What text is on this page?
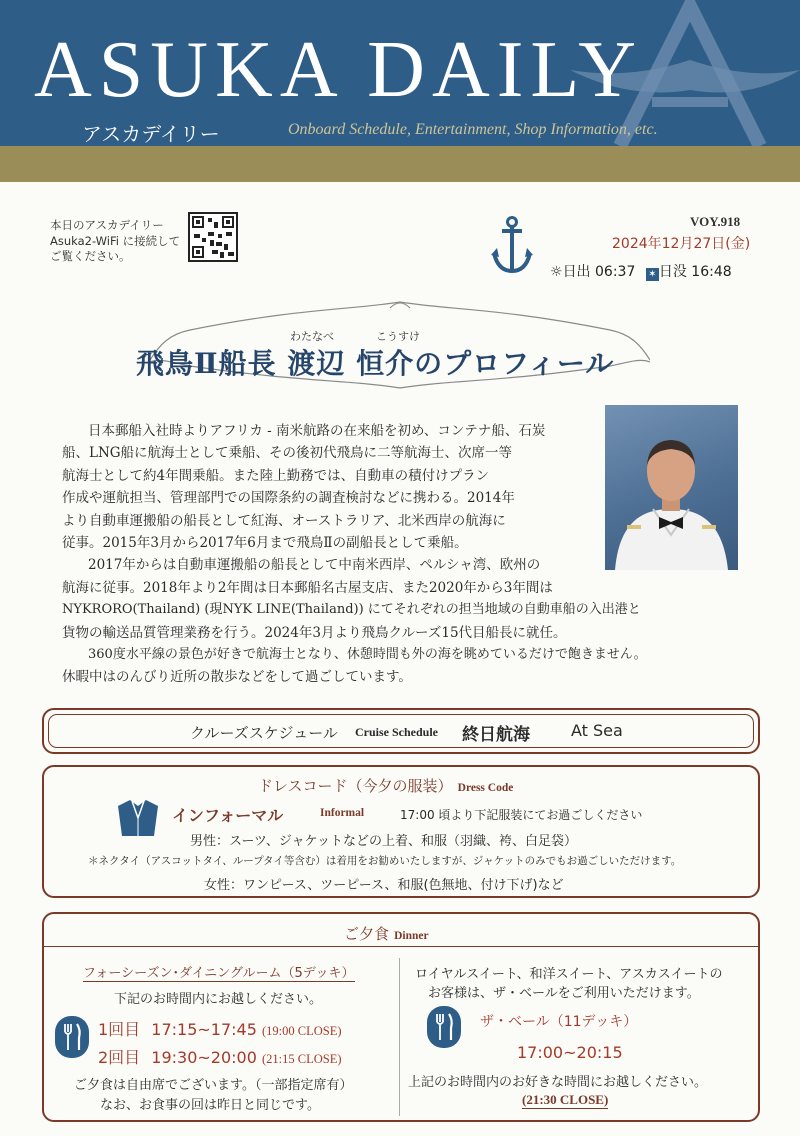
ASUKA DAILY
アスカデイリー	Onboard Schedule, Entertainment, Shop Information, etc.
本日のアスカデイリー
Asuka2-WiFi に接続して
ご覧ください。
VOY.918
2024年12月27日(金)
☼日出 06:37 ✶ 日没 16:48
わたなべ	こうすけ
飛鳥Ⅱ船長 渡辺 恒介のプロフィール

日本郵船入社時よりアフリカ - 南米航路の在来船を初め、コンテナ船、石炭

船、LNG船に航海士として乗船、その後初代飛鳥に二等航海士、次席一等

航海士として約4年間乗船。また陸上勤務では、自動車の積付けプラン

作成や運航担当、管理部門での国際条約の調査検討などに携わる。2014年

より自動車運搬船の船長として紅海、オーストラリア、北米西岸の航海に

従事。2015年3月から2017年6月まで飛鳥Ⅱの副船長として乗船。

2017年からは自動車運搬船の船長として中南米西岸、ペルシャ湾、欧州の

航海に従事。2018年より2年間は日本郵船名古屋支店、また2020年から3年間は

NYKRORO(Thailand) (現NYK LINE(Thailand)) にてそれぞれの担当地域の自動車船の入出港と

貨物の輸送品質管理業務を行う。2024年3月より飛鳥クルーズ15代目船長に就任。

360度水平線の景色が好きで航海士となり、休憩時間も外の海を眺めているだけで飽きません。

休暇中はのんびり近所の散歩などをして過ごしています。

クルーズスケジュール Cruise Schedule 終日航海	At Sea
ドレスコード（今夕の服装） Dress Code
インフォーマル	Informal	17:00 頃より下記服装にてお過ごしください
男性：スーツ、ジャケットなどの上着、和服（羽織、袴、白足袋）
＊ネクタイ（アスコットタイ、ループタイ等含む）は着用をお勧めいたしますが、ジャケットのみでもお過ごしいただけます。
女性：ワンピース、ツーピース、和服(色無地、付け下げ)など
ご夕食 Dinner
フォーシーズン･ダイニングルーム（5デッキ）
下記のお時間内にお越しください。
1回目 17:15~17:45 (19:00 CLOSE)
2回目 19:30~20:00 (21:15 CLOSE)
ご夕食は自由席でございます。（一部指定席有）
なお、お食事の回は昨日と同じです。
ロイヤルスイート、和洋スイート、アスカスイートの
お客様は、ザ・ベールをご利用いただけます。
ザ・ベール（11デッキ）
17:00~20:15
上記のお時間内のお好きな時間にお越しください。
(21:30 CLOSE)
